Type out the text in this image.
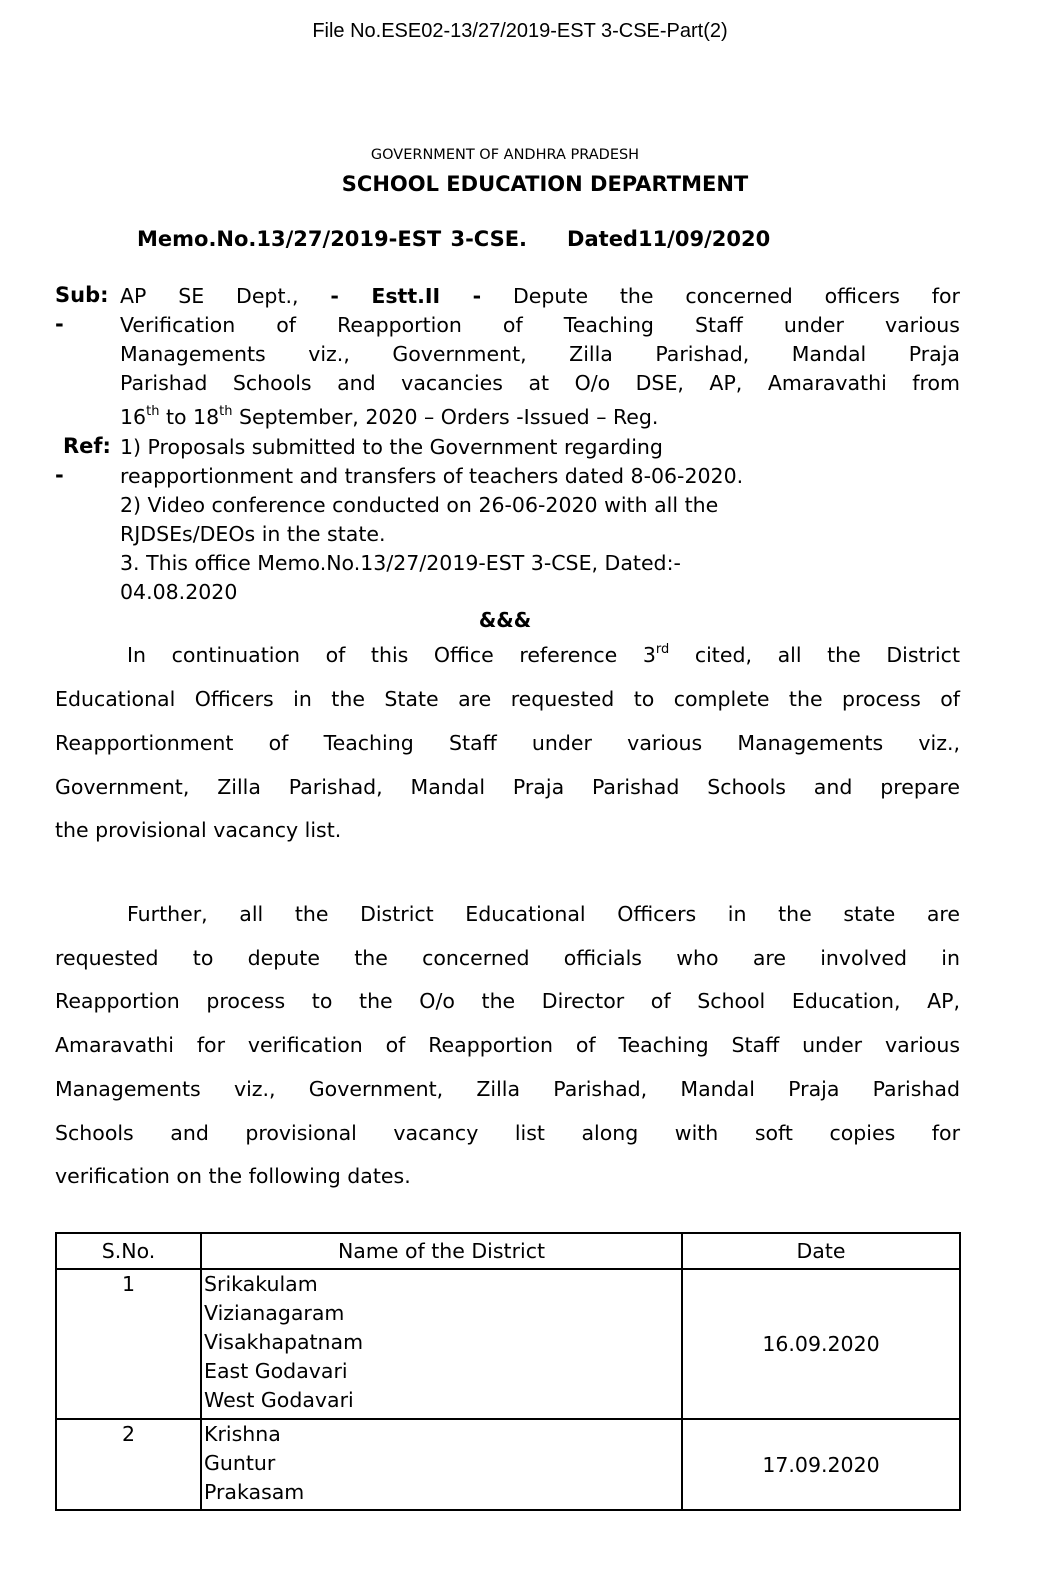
File No.ESE02-13/27/2019-EST 3-CSE-Part(2)
GOVERNMENT OF ANDHRA PRADESH
SCHOOL EDUCATION DEPARTMENT
Memo.No.13/27/2019-EST 3-CSE. Dated11/09/2020
Sub:
-
AP SE Dept., - Estt.II - Depute the concerned officers for
Verification of Reapportion of Teaching Staff under various
Managements viz., Government, Zilla Parishad, Mandal Praja
Parishad Schools and vacancies at O/o DSE, AP, Amaravathi from
16th to 18th September, 2020 – Orders -Issued – Reg.
Ref:
-
1) Proposals submitted to the Government regarding
reapportionment and transfers of teachers dated 8-06-2020.
2) Video conference conducted on 26-06-2020 with all the
RJDSEs/DEOs in the state.
3. This office Memo.No.13/27/2019-EST 3-CSE, Dated:-
04.08.2020
&&&
In continuation of this Office reference 3rd cited, all the District
Educational Officers in the State are requested to complete the process of
Reapportionment of Teaching Staff under various Managements viz.,
Government, Zilla Parishad, Mandal Praja Parishad Schools and prepare
the provisional vacancy list.
Further, all the District Educational Officers in the state are
requested to depute the concerned officials who are involved in
Reapportion process to the O/o the Director of School Education, AP,
Amaravathi for verification of Reapportion of Teaching Staff under various
Managements viz., Government, Zilla Parishad, Mandal Praja Parishad
Schools and provisional vacancy list along with soft copies for
verification on the following dates.
S.No.	Name of the District	Date
1	Srikakulam
Vizianagaram
Visakhapatnam
East Godavari
West Godavari	16.09.2020
2	Krishna
Guntur
Prakasam	17.09.2020
